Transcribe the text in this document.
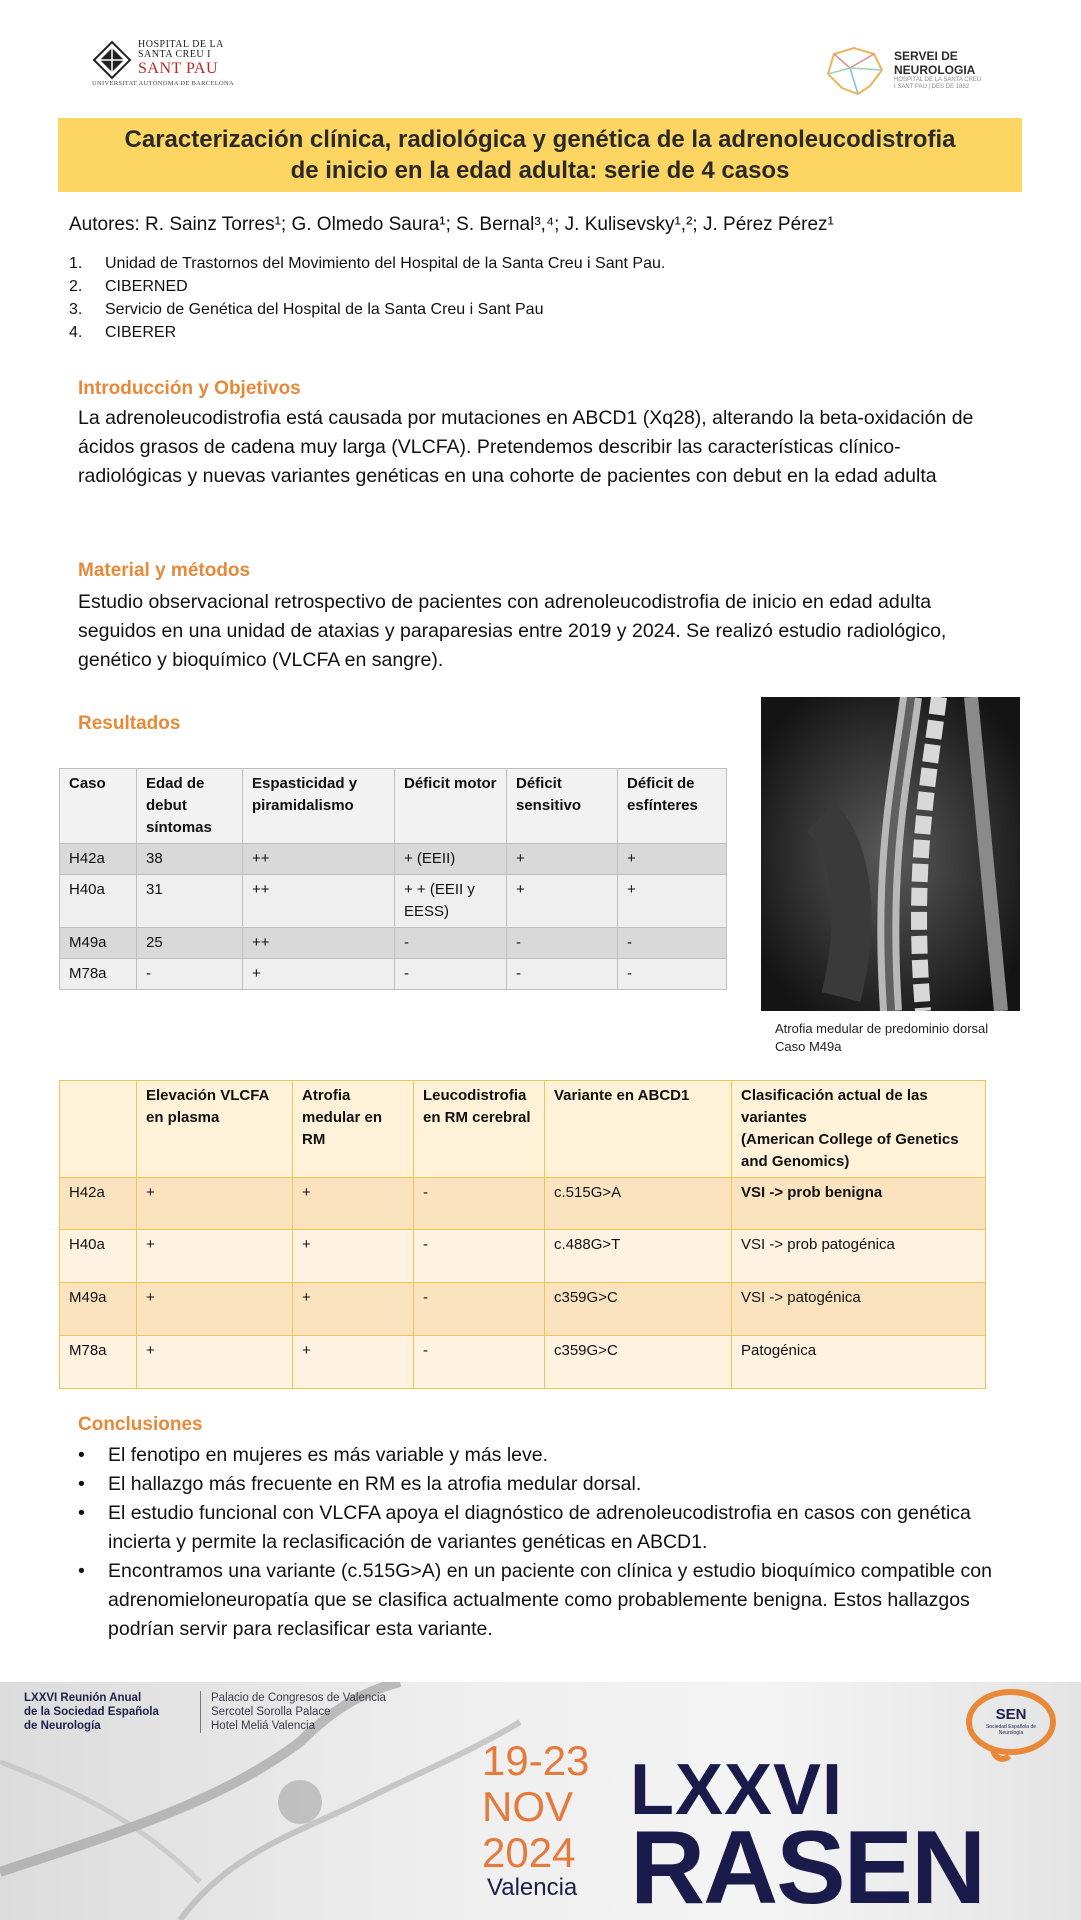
HOSPITAL DE LA
SANTA CREU I
SANT PAU
UNIVERSITAT AUTÒNOMA DE BARCELONA
SERVEI DE NEUROLOGIA
HOSPITAL DE LA SANTA CREU I SANT PAU | DES DE 1882
Caracterización clínica, radiológica y genética de la adrenoleucodistrofia
de inicio en la edad adulta: serie de 4 casos
Autores: R. Sainz Torres¹; G. Olmedo Saura¹; S. Bernal³,⁴; J. Kulisevsky¹,²; J. Pérez Pérez¹
1. Unidad de Trastornos del Movimiento del Hospital de la Santa Creu i Sant Pau.
2. CIBERNED
3. Servicio de Genética del Hospital de la Santa Creu i Sant Pau
4. CIBERER
Introducción y Objetivos
La adrenoleucodistrofia está causada por mutaciones en ABCD1 (Xq28), alterando la beta-oxidación de ácidos grasos de cadena muy larga (VLCFA). Pretendemos describir las características clínico-radiológicas y nuevas variantes genéticas en una cohorte de pacientes con debut en la edad adulta
Material y métodos
Estudio observacional retrospectivo de pacientes con adrenoleucodistrofia de inicio en edad adulta seguidos en una unidad de ataxias y paraparesias entre 2019 y 2024. Se realizó estudio radiológico, genético y bioquímico (VLCFA en sangre).
Resultados
Caso	Edad de debut síntomas	Espasticidad y piramidalismo	Déficit motor	Déficit sensitivo	Déficit de esfínteres
H42a	38	++	+ (EEII)	+	+
H40a	31	++	+ + (EEII y EESS)	+	+
M49a	25	++	-	-	-
M78a	-	+	-	-	-
Atrofia medular de predominio dorsal
Caso M49a
	Elevación VLCFA en plasma	Atrofia medular en RM	Leucodistrofia en RM cerebral	Variante en ABCD1	Clasificación actual de las variantes
(American College of Genetics and Genomics)
H42a	+	+	-	c.515G>A	VSI -> prob benigna
H40a	+	+	-	c.488G>T	VSI -> prob patogénica
M49a	+	+	-	c359G>C	VSI -> patogénica
M78a	+	+	-	c359G>C	Patogénica
Conclusiones
• El fenotipo en mujeres es más variable y más leve.
• El hallazgo más frecuente en RM es la atrofia medular dorsal.
• El estudio funcional con VLCFA apoya el diagnóstico de adrenoleucodistrofia en casos con genética incierta y permite la reclasificación de variantes genéticas en ABCD1.
• Encontramos una variante (c.515G>A) en un paciente con clínica y estudio bioquímico compatible con adrenomieloneuropatía que se clasifica actualmente como probablemente benigna. Estos hallazgos podrían servir para reclasificar esta variante.
LXXVI Reunión Anual
de la Sociedad Española
de Neurología
Palacio de Congresos de Valencia
Sercotel Sorolla Palace
Hotel Meliá Valencia
19-23
NOV
2024
Valencia
LXXVI
RASEN
SEN
Sociedad Española de Neurología
